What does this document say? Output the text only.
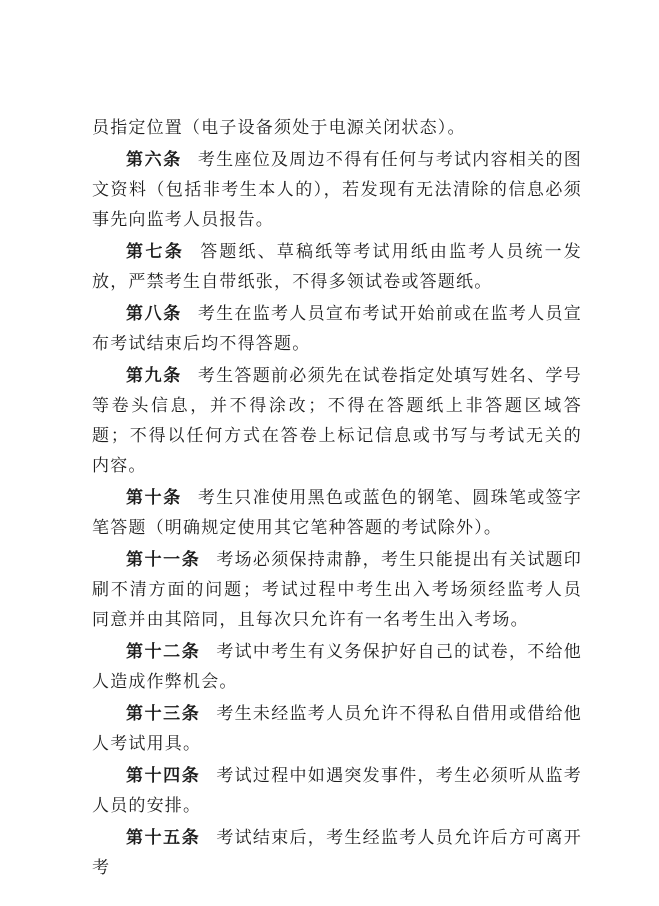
员指定位置（电子设备须处于电源关闭状态）。

第六条 考生座位及周边不得有任何与考试内容相关的图文资料（包括非考生本人的），若发现有无法清除的信息必须事先向监考人员报告。

第七条 答题纸、草稿纸等考试用纸由监考人员统一发放，严禁考生自带纸张，不得多领试卷或答题纸。

第八条 考生在监考人员宣布考试开始前或在监考人员宣布考试结束后均不得答题。

第九条 考生答题前必须先在试卷指定处填写姓名、学号等卷头信息，并不得涂改；不得在答题纸上非答题区域答题；不得以任何方式在答卷上标记信息或书写与考试无关的内容。

第十条 考生只准使用黑色或蓝色的钢笔、圆珠笔或签字笔答题（明确规定使用其它笔种答题的考试除外）。

第十一条 考场必须保持肃静，考生只能提出有关试题印刷不清方面的问题；考试过程中考生出入考场须经监考人员同意并由其陪同，且每次只允许有一名考生出入考场。

第十二条 考试中考生有义务保护好自己的试卷，不给他人造成作弊机会。

第十三条 考生未经监考人员允许不得私自借用或借给他人考试用具。

第十四条 考试过程中如遇突发事件，考生必须听从监考人员的安排。

第十五条 考试结束后，考生经监考人员允许后方可离开考
